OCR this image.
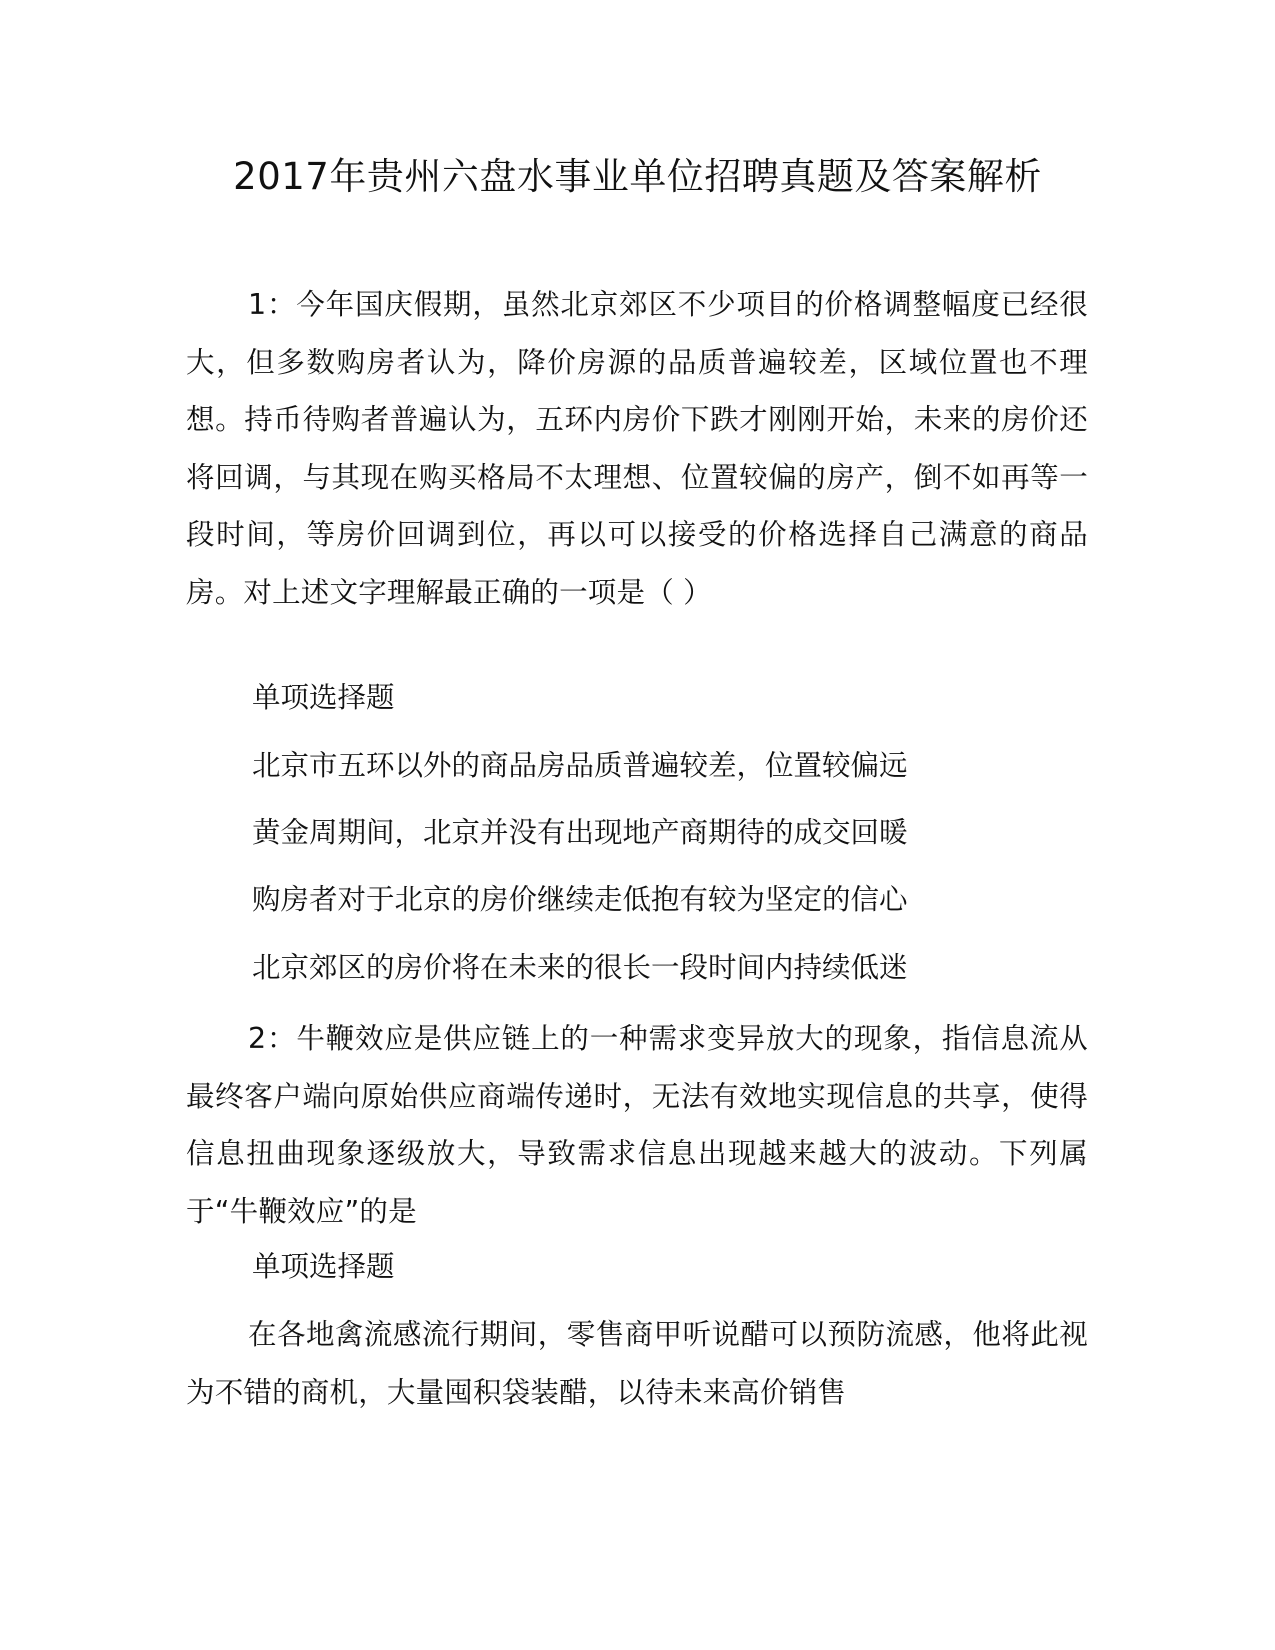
2017年贵州六盘水事业单位招聘真题及答案解析

1：今年国庆假期，虽然北京郊区不少项目的价格调整幅度已经很大，但多数购房者认为，降价房源的品质普遍较差，区域位置也不理想。持币待购者普遍认为，五环内房价下跌才刚刚开始，未来的房价还将回调，与其现在购买格局不太理想、位置较偏的房产，倒不如再等一段时间，等房价回调到位，再以可以接受的价格选择自己满意的商品房。对上述文字理解最正确的一项是（ ）

单项选择题

北京市五环以外的商品房品质普遍较差，位置较偏远

黄金周期间，北京并没有出现地产商期待的成交回暖

购房者对于北京的房价继续走低抱有较为坚定的信心

北京郊区的房价将在未来的很长一段时间内持续低迷

2：牛鞭效应是供应链上的一种需求变异放大的现象，指信息流从最终客户端向原始供应商端传递时，无法有效地实现信息的共享，使得信息扭曲现象逐级放大，导致需求信息出现越来越大的波动。下列属于“牛鞭效应”的是

单项选择题

在各地禽流感流行期间，零售商甲听说醋可以预防流感，他将此视为不错的商机，大量囤积袋装醋，以待未来高价销售
